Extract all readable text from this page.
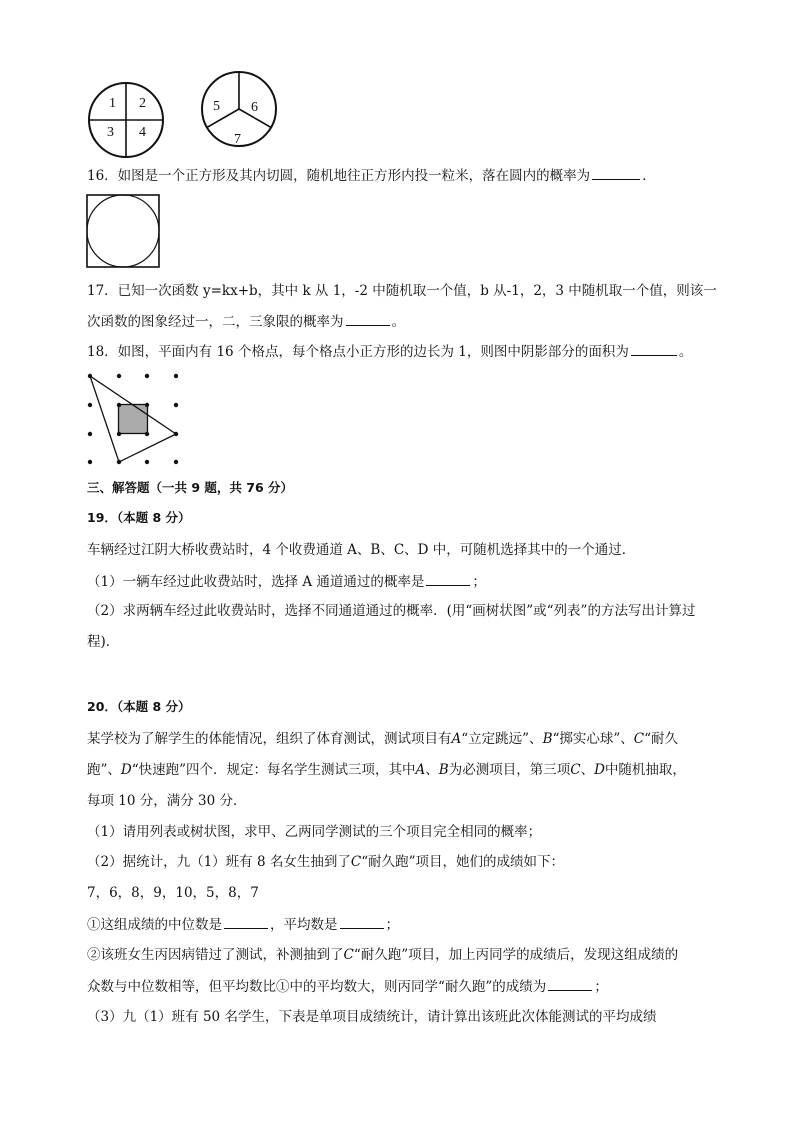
1 2
3 4
5 6
7
16．如图是一个正方形及其内切圆，随机地往正方形内投一粒米，落在圆内的概率为	．
17．已知一次函数 y=kx+b，其中 k 从 1，-2 中随机取一个值，b 从-1，2，3 中随机取一个值，则该一
次函数的图象经过一，二，三象限的概率为	。
18．如图，平面内有 16 个格点，每个格点小正方形的边长为 1，则图中阴影部分的面积为	。
三、解答题（一共 9 题，共 76 分）
19．（本题 8 分）
车辆经过江阴大桥收费站时，4 个收费通道 A、B、C、D 中，可随机选择其中的一个通过．
（1）一辆车经过此收费站时，选择 A 通道通过的概率是	；
（2）求两辆车经过此收费站时，选择不同通道通过的概率．(用“画树状图”或“列表”的方法写出计算过
程)．
20．（本题 8 分）
某学校为了解学生的体能情况，组织了体育测试，测试项目有A“立定跳远”、B“掷实心球”、C“耐久
跑”、D“快速跑”四个．规定：每名学生测试三项，其中A、B为必测项目，第三项C、D中随机抽取，
每项 10 分，满分 30 分．
（1）请用列表或树状图，求甲、乙两同学测试的三个项目完全相同的概率；
（2）据统计，九（1）班有 8 名女生抽到了C“耐久跑”项目，她们的成绩如下：
7，6，8，9，10，5，8，7
①这组成绩的中位数是	，平均数是	；
②该班女生丙因病错过了测试，补测抽到了C“耐久跑”项目，加上丙同学的成绩后，发现这组成绩的
众数与中位数相等，但平均数比①中的平均数大，则丙同学“耐久跑”的成绩为	；
（3）九（1）班有 50 名学生，下表是单项目成绩统计，请计算出该班此次体能测试的平均成绩
